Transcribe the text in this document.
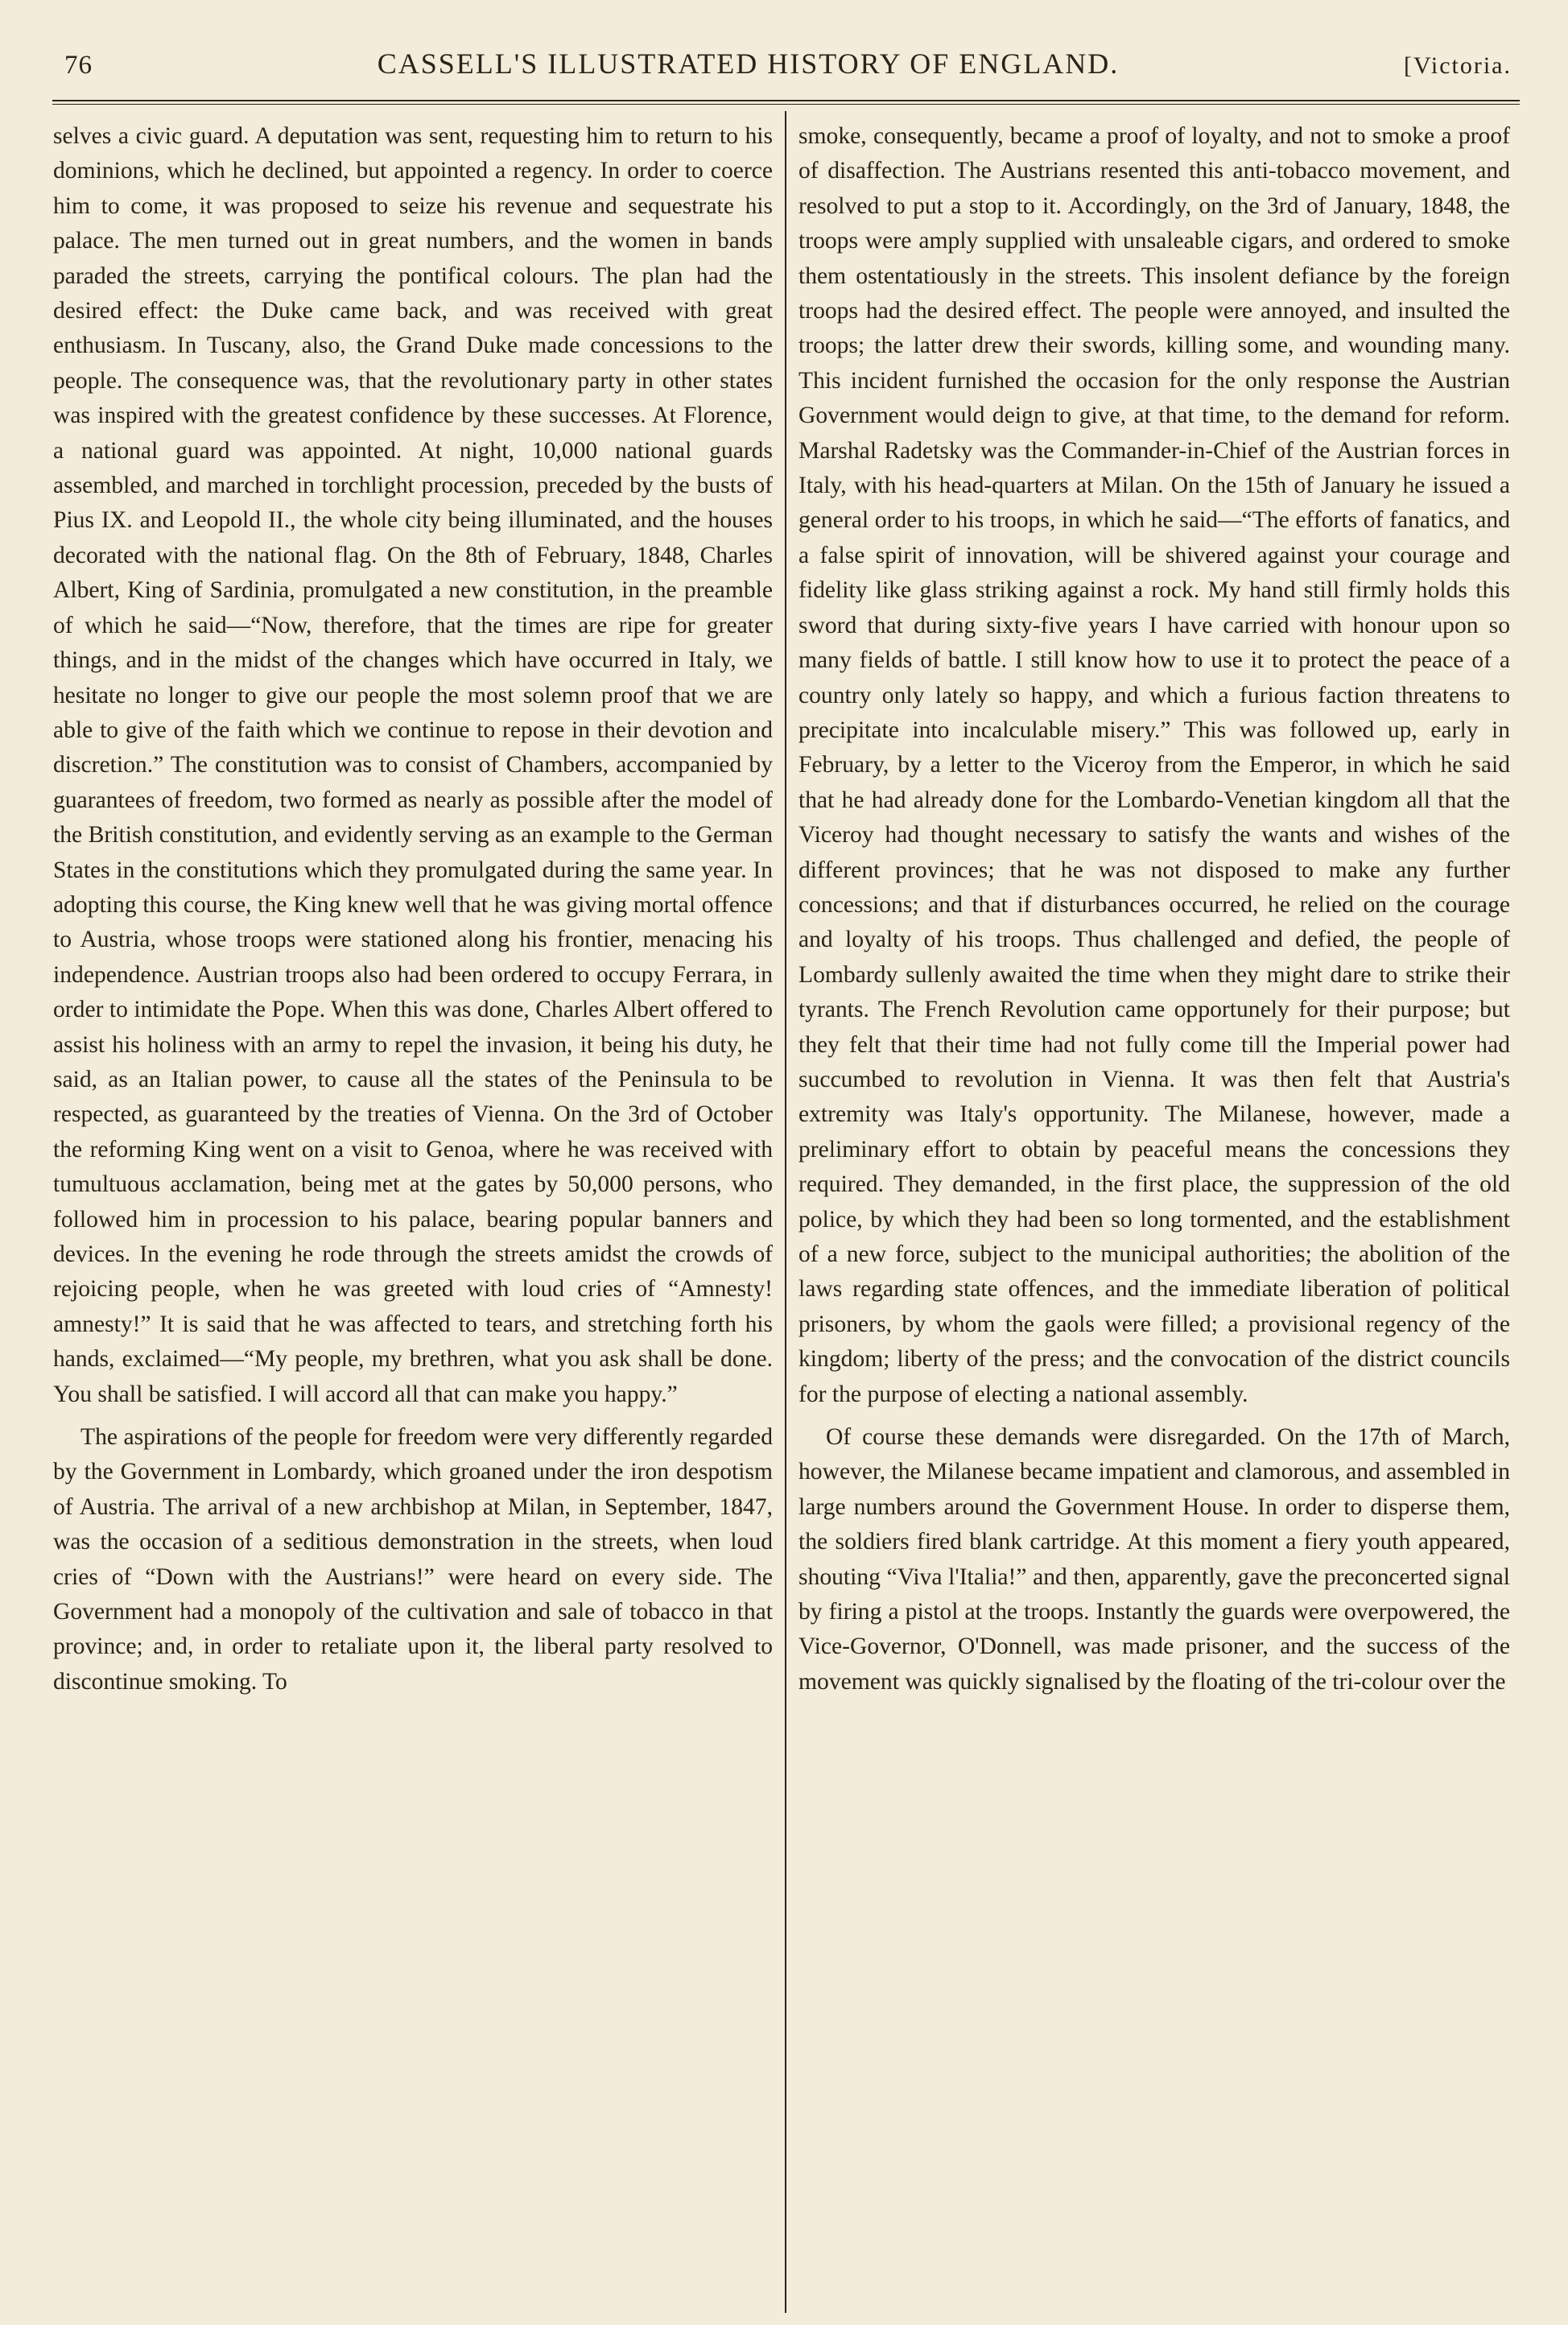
76	CASSELL'S ILLUSTRATED HISTORY OF ENGLAND.	[Victoria.

selves a civic guard. A deputation was sent, requesting him to return to his dominions, which he declined, but appointed a regency. In order to coerce him to come, it was proposed to seize his revenue and sequestrate his palace. The men turned out in great numbers, and the women in bands paraded the streets, carrying the pontifical colours. The plan had the desired effect: the Duke came back, and was received with great enthusiasm. In Tuscany, also, the Grand Duke made concessions to the people. The consequence was, that the revolutionary party in other states was inspired with the greatest confidence by these successes. At Florence, a national guard was appointed. At night, 10,000 national guards assembled, and marched in torchlight procession, preceded by the busts of Pius IX. and Leopold II., the whole city being illuminated, and the houses decorated with the national flag. On the 8th of February, 1848, Charles Albert, King of Sardinia, promulgated a new constitution, in the preamble of which he said—“Now, therefore, that the times are ripe for greater things, and in the midst of the changes which have occurred in Italy, we hesitate no longer to give our people the most solemn proof that we are able to give of the faith which we continue to repose in their devotion and discretion.” The constitution was to consist of Chambers, accompanied by guarantees of freedom, two formed as nearly as possible after the model of the British constitution, and evidently serving as an example to the German States in the constitutions which they promulgated during the same year. In adopting this course, the King knew well that he was giving mortal offence to Austria, whose troops were stationed along his frontier, menacing his independence. Austrian troops also had been ordered to occupy Ferrara, in order to intimidate the Pope. When this was done, Charles Albert offered to assist his holiness with an army to repel the invasion, it being his duty, he said, as an Italian power, to cause all the states of the Peninsula to be respected, as guaranteed by the treaties of Vienna. On the 3rd of October the reforming King went on a visit to Genoa, where he was received with tumultuous acclamation, being met at the gates by 50,000 persons, who followed him in procession to his palace, bearing popular banners and devices. In the evening he rode through the streets amidst the crowds of rejoicing people, when he was greeted with loud cries of “Amnesty! amnesty!” It is said that he was affected to tears, and stretching forth his hands, exclaimed—“My people, my brethren, what you ask shall be done. You shall be satisfied. I will accord all that can make you happy.”

The aspirations of the people for freedom were very differently regarded by the Government in Lombardy, which groaned under the iron despotism of Austria. The arrival of a new archbishop at Milan, in September, 1847, was the occasion of a seditious demonstration in the streets, when loud cries of “Down with the Austrians!” were heard on every side. The Government had a monopoly of the cultivation and sale of tobacco in that province; and, in order to retaliate upon it, the liberal party resolved to discontinue smoking. To

smoke, consequently, became a proof of loyalty, and not to smoke a proof of disaffection. The Austrians resented this anti-tobacco movement, and resolved to put a stop to it. Accordingly, on the 3rd of January, 1848, the troops were amply supplied with unsaleable cigars, and ordered to smoke them ostentatiously in the streets. This insolent defiance by the foreign troops had the desired effect. The people were annoyed, and insulted the troops; the latter drew their swords, killing some, and wounding many. This incident furnished the occasion for the only response the Austrian Government would deign to give, at that time, to the demand for reform. Marshal Radetsky was the Commander-in-Chief of the Austrian forces in Italy, with his head-quarters at Milan. On the 15th of January he issued a general order to his troops, in which he said—“The efforts of fanatics, and a false spirit of innovation, will be shivered against your courage and fidelity like glass striking against a rock. My hand still firmly holds this sword that during sixty-five years I have carried with honour upon so many fields of battle. I still know how to use it to protect the peace of a country only lately so happy, and which a furious faction threatens to precipitate into incalculable misery.” This was followed up, early in February, by a letter to the Viceroy from the Emperor, in which he said that he had already done for the Lombardo-Venetian kingdom all that the Viceroy had thought necessary to satisfy the wants and wishes of the different provinces; that he was not disposed to make any further concessions; and that if disturbances occurred, he relied on the courage and loyalty of his troops. Thus challenged and defied, the people of Lombardy sullenly awaited the time when they might dare to strike their tyrants. The French Revolution came opportunely for their purpose; but they felt that their time had not fully come till the Imperial power had succumbed to revolution in Vienna. It was then felt that Austria's extremity was Italy's opportunity. The Milanese, however, made a preliminary effort to obtain by peaceful means the concessions they required. They demanded, in the first place, the suppression of the old police, by which they had been so long tormented, and the establishment of a new force, subject to the municipal authorities; the abolition of the laws regarding state offences, and the immediate liberation of political prisoners, by whom the gaols were filled; a provisional regency of the kingdom; liberty of the press; and the convocation of the district councils for the purpose of electing a national assembly.

Of course these demands were disregarded. On the 17th of March, however, the Milanese became impatient and clamorous, and assembled in large numbers around the Government House. In order to disperse them, the soldiers fired blank cartridge. At this moment a fiery youth appeared, shouting “Viva l'Italia!” and then, apparently, gave the preconcerted signal by firing a pistol at the troops. Instantly the guards were overpowered, the Vice-Governor, O'Donnell, was made prisoner, and the success of the movement was quickly signalised by the floating of the tri-colour over the
